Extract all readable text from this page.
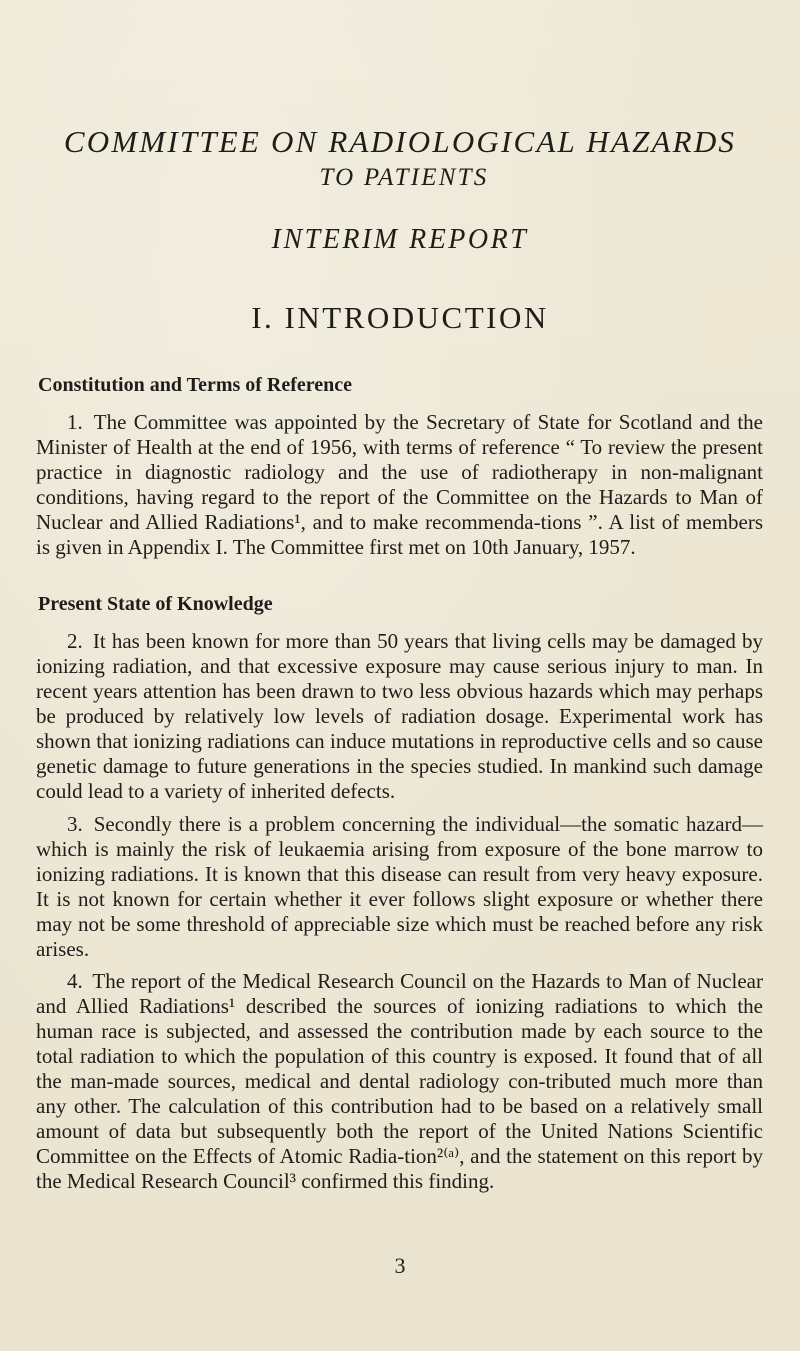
COMMITTEE ON RADIOLOGICAL HAZARDS
TO PATIENTS
INTERIM REPORT
I. INTRODUCTION
Constitution and Terms of Reference

1. The Committee was appointed by the Secretary of State for Scotland and the Minister of Health at the end of 1956, with terms of reference “ To review the present practice in diagnostic radiology and the use of radiotherapy in non-malignant conditions, having regard to the report of the Committee on the Hazards to Man of Nuclear and Allied Radiations¹, and to make recommenda-tions ”. A list of members is given in Appendix I. The Committee first met on 10th January, 1957.

Present State of Knowledge

2. It has been known for more than 50 years that living cells may be damaged by ionizing radiation, and that excessive exposure may cause serious injury to man. In recent years attention has been drawn to two less obvious hazards which may perhaps be produced by relatively low levels of radiation dosage. Experimental work has shown that ionizing radiations can induce mutations in reproductive cells and so cause genetic damage to future generations in the species studied. In mankind such damage could lead to a variety of inherited defects.

3. Secondly there is a problem concerning the individual—the somatic hazard—which is mainly the risk of leukaemia arising from exposure of the bone marrow to ionizing radiations. It is known that this disease can result from very heavy exposure. It is not known for certain whether it ever follows slight exposure or whether there may not be some threshold of appreciable size which must be reached before any risk arises.

4. The report of the Medical Research Council on the Hazards to Man of Nuclear and Allied Radiations¹ described the sources of ionizing radiations to which the human race is subjected, and assessed the contribution made by each source to the total radiation to which the population of this country is exposed. It found that of all the man-made sources, medical and dental radiology con-tributed much more than any other. The calculation of this contribution had to be based on a relatively small amount of data but subsequently both the report of the United Nations Scientific Committee on the Effects of Atomic Radia-tion²⁽ᵃ⁾, and the statement on this report by the Medical Research Council³ confirmed this finding.

3
